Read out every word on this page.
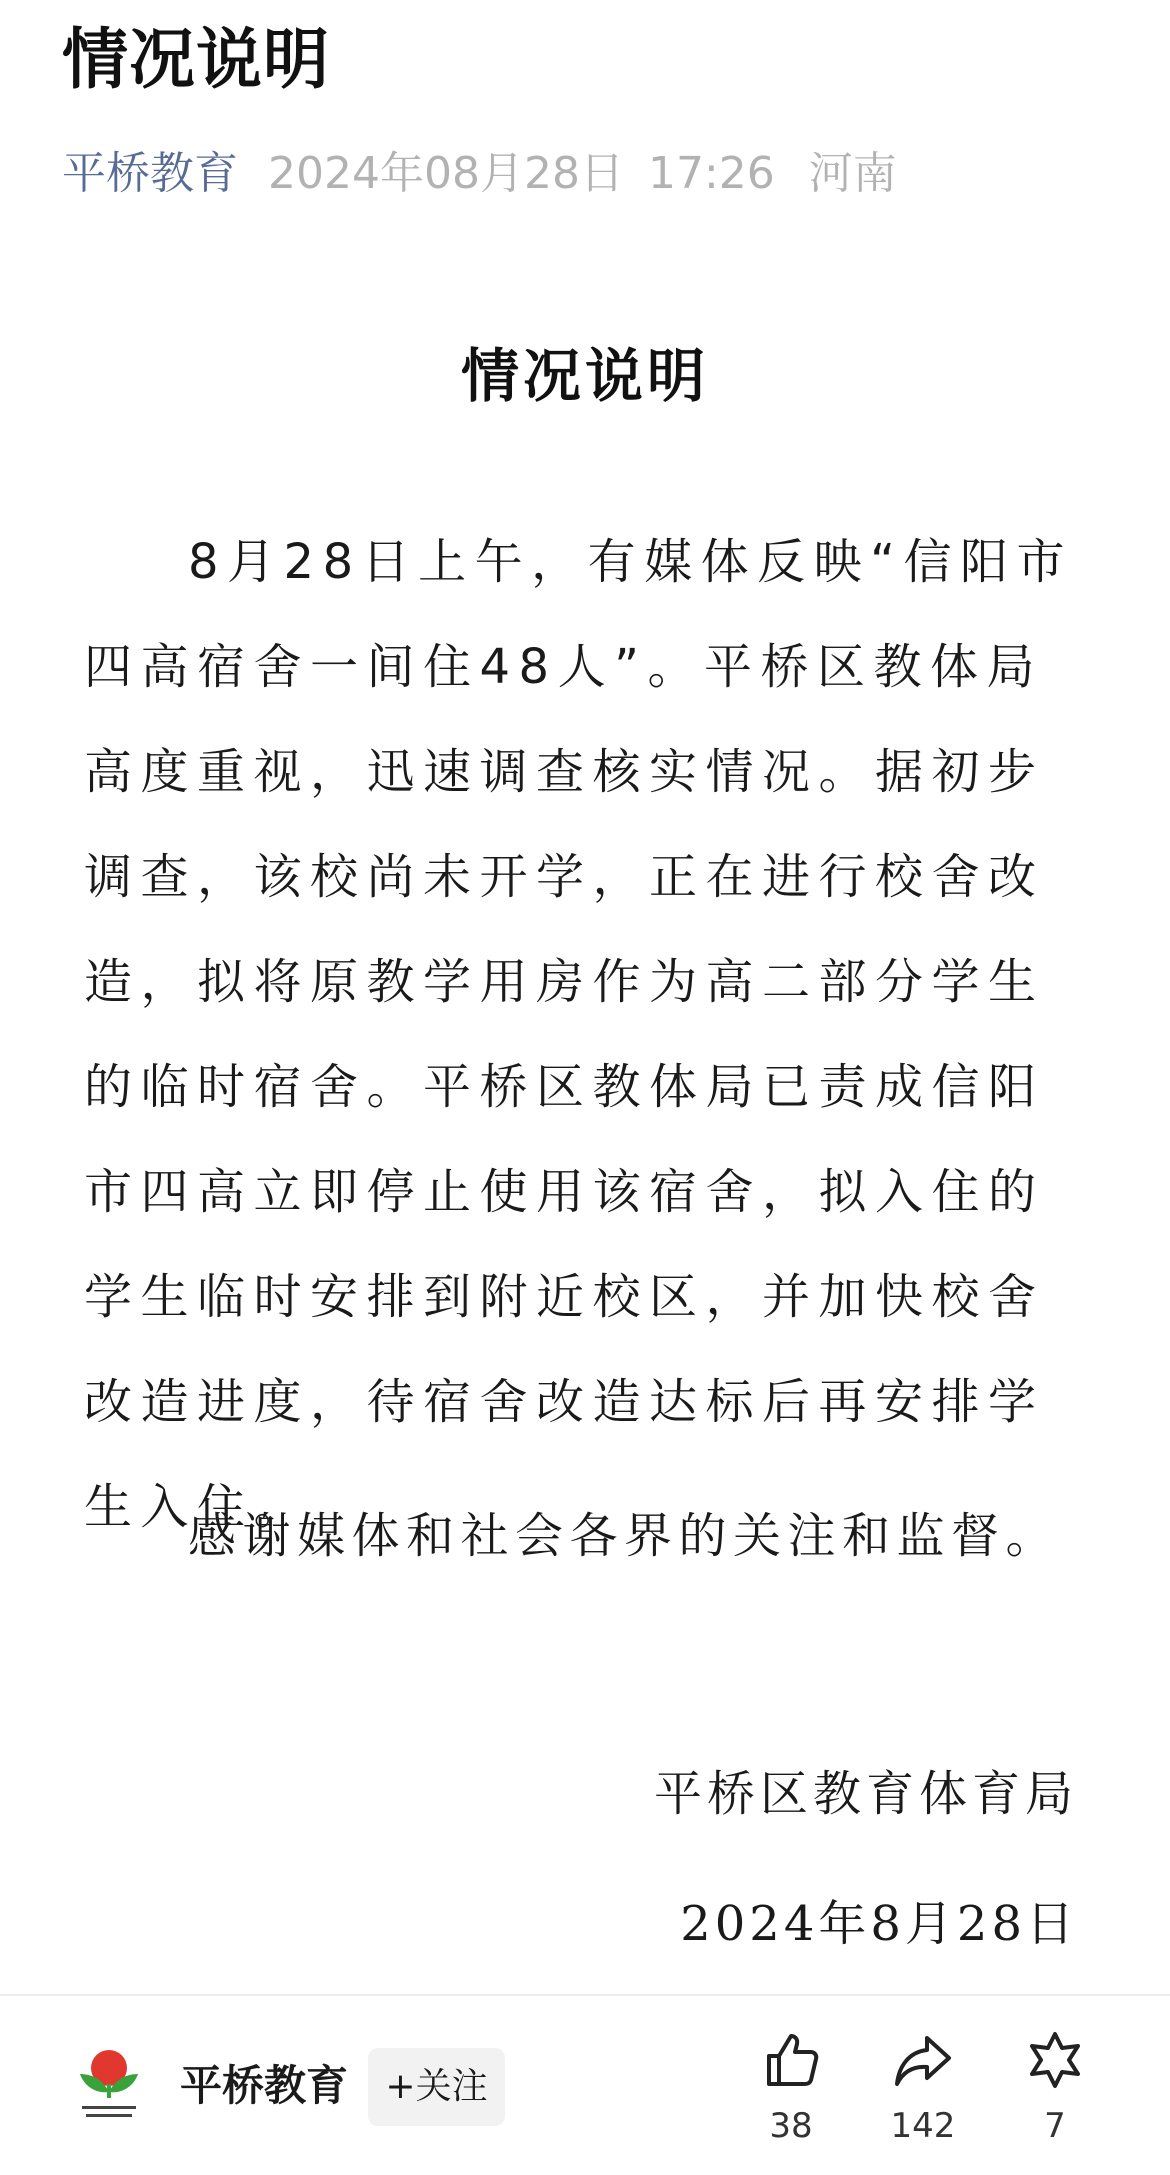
情况说明
平桥教育 2024年08月28日 17:26 河南
情况说明

8月28日上午，有媒体反映“信阳市四高宿舍一间住48人”。平桥区教体局高度重视，迅速调查核实情况。据初步调查，该校尚未开学，正在进行校舍改造，拟将原教学用房作为高二部分学生的临时宿舍。平桥区教体局已责成信阳市四高立即停止使用该宿舍，拟入住的学生临时安排到附近校区，并加快校舍改造进度，待宿舍改造达标后再安排学生入住。

感谢媒体和社会各界的关注和监督。

平桥区教育体育局
2024年8月28日
平桥教育	+关注
38	142	7
